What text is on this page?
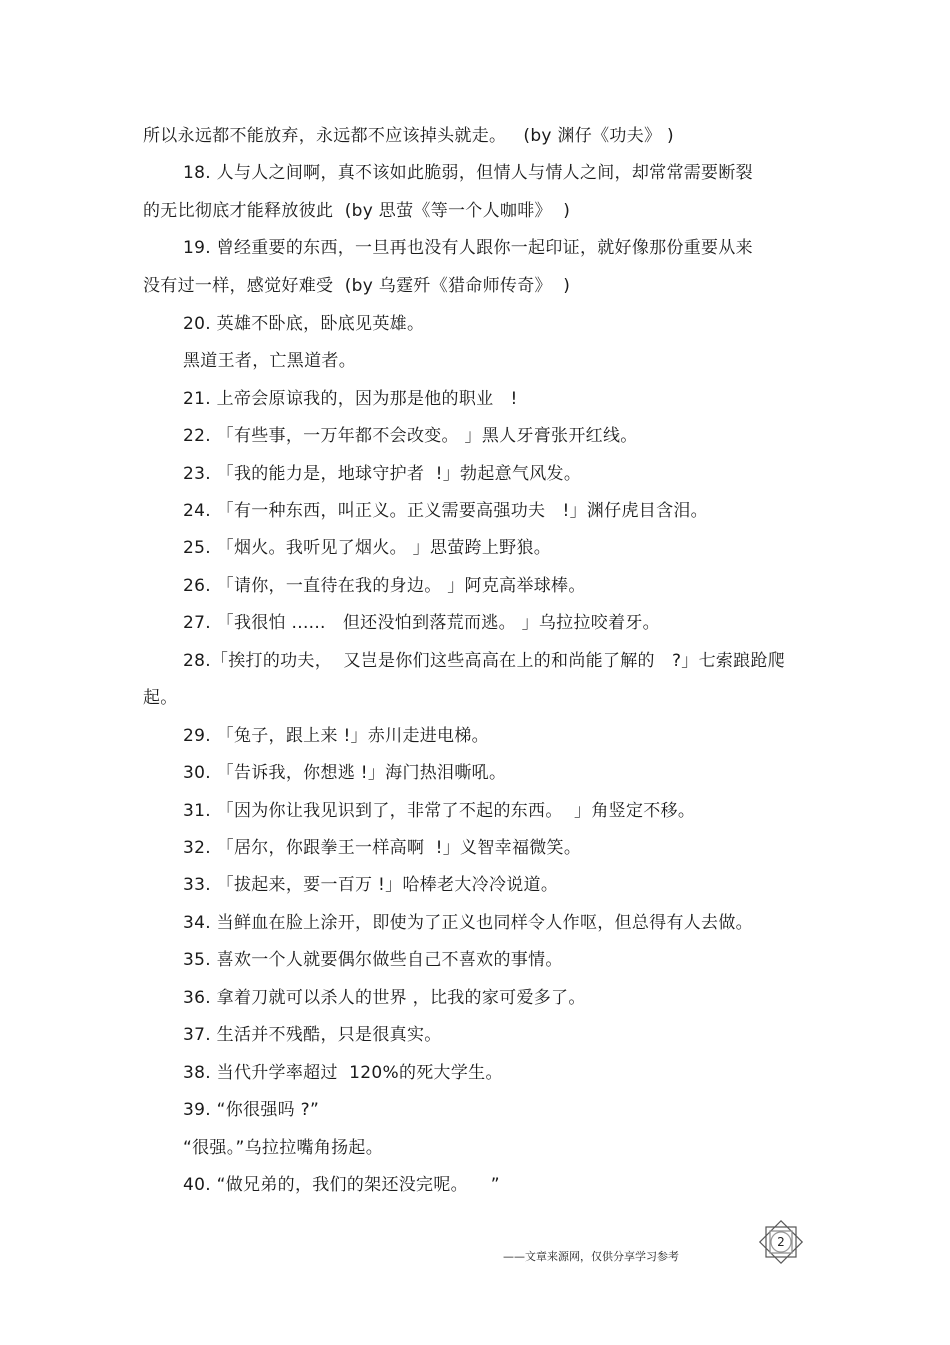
所以永远都不能放弃，永远都不应该掉头就走。   (by 渊仔《功夫》 )
18. 人与人之间啊，真不该如此脆弱，但情人与情人之间，却常常需要断裂
的无比彻底才能释放彼此  (by 思萤《等一个人咖啡》  )
19. 曾经重要的东西，一旦再也没有人跟你一起印证，就好像那份重要从来
没有过一样，感觉好难受  (by 乌霆歼《猎命师传奇》  )
20. 英雄不卧底，卧底见英雄。
黑道王者，亡黑道者。
21. 上帝会原谅我的，因为那是他的职业   !
22. 「有些事，一万年都不会改变。 」黑人牙膏张开红线。
23. 「我的能力是，地球守护者  !」勃起意气风发。
24. 「有一种东西，叫正义。正义需要高强功夫   !」渊仔虎目含泪。
25. 「烟火。我听见了烟火。 」思萤跨上野狼。
26. 「请你，一直待在我的身边。 」阿克高举球棒。
27. 「我很怕 ......   但还没怕到落荒而逃。 」乌拉拉咬着牙。
28.「挨打的功夫，  又岂是你们这些高高在上的和尚能了解的   ?」七索踉跄爬
起。
29. 「兔子，跟上来 !」赤川走进电梯。
30. 「告诉我，你想逃 !」海门热泪嘶吼。
31. 「因为你让我见识到了，非常了不起的东西。  」角竖定不移。
32. 「居尔，你跟拳王一样高啊  !」义智幸福微笑。
33. 「拔起来，要一百万 !」哈棒老大冷冷说道。
34. 当鲜血在脸上涂开，即使为了正义也同样令人作呕，但总得有人去做。
35. 喜欢一个人就要偶尔做些自己不喜欢的事情。
36. 拿着刀就可以杀人的世界 ，比我的家可爱多了。
37. 生活并不残酷，只是很真实。
38. 当代升学率超过  120%的死大学生。
39. “你很强吗 ?”
“很强。”乌拉拉嘴角扬起。
40. “做兄弟的，我们的架还没完呢。    ”
——文章来源网，仅供分享学习参考
2
